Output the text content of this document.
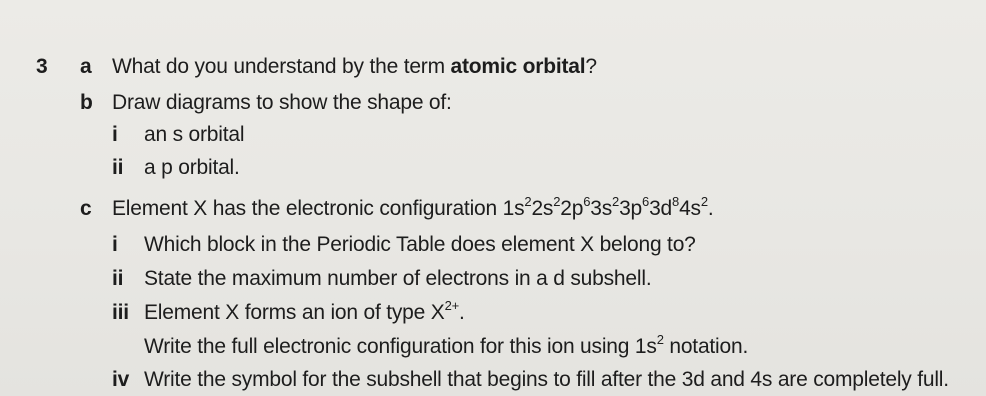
3 a What do you understand by the term atomic orbital?
b Draw diagrams to show the shape of:
i an s orbital
ii a p orbital.
c Element X has the electronic configuration $1s^22s^22p^63s^23p^63d^84s^2$.
i Which block in the Periodic Table does element X belong to?
ii State the maximum number of electrons in a d subshell.
iii Element X forms an ion of type $X^{2+}$.
Write the full electronic configuration for this ion using $1s^2$ notation.
iv Write the symbol for the subshell that begins to fill after the 3d and 4s are completely full.
